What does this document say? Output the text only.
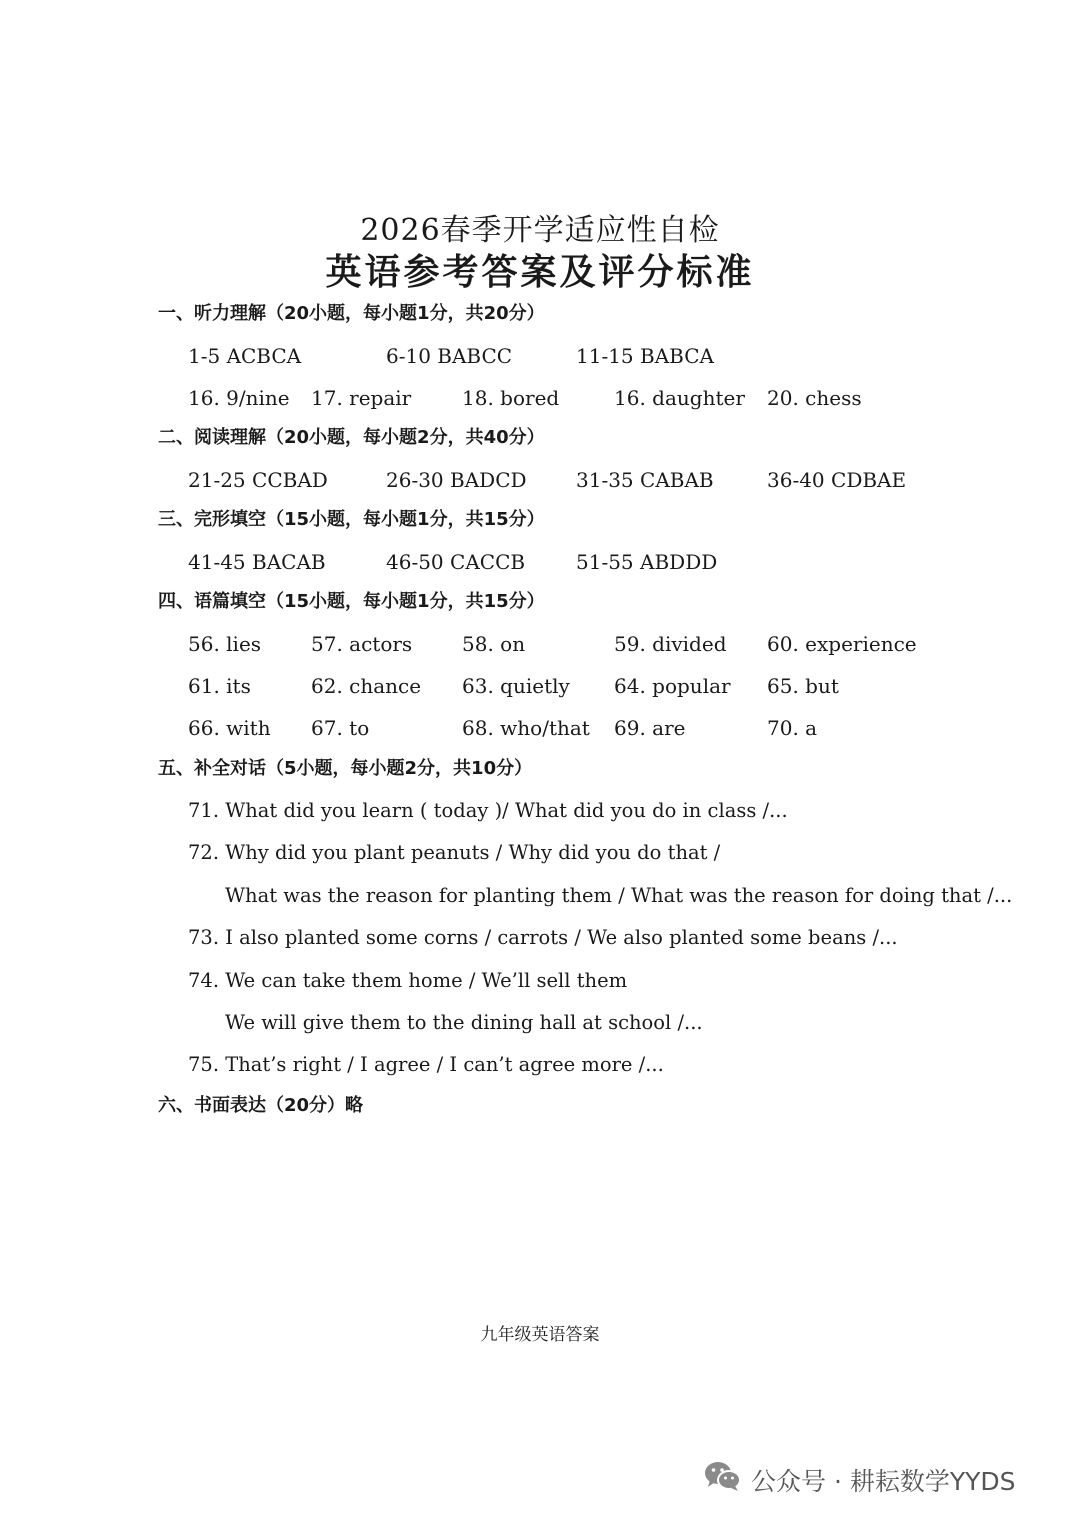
2026春季开学适应性自检
英语参考答案及评分标准
一、听力理解（20小题，每小题1分，共20分）
1-5 ACBCA	6-10 BABCC	11-15 BABCA
16. 9/nine 17. repair	18. bored	16. daughter 20. chess
二、阅读理解（20小题，每小题2分，共40分）
21-25 CCBAD	26-30 BADCD 31-35 CABAB	36-40 CDBAE
三、完形填空（15小题，每小题1分，共15分）
41-45 BACAB	46-50 CACCB	51-55 ABDDD
四、语篇填空（15小题，每小题1分，共15分）
56. lies 57. actors 58. on	59. divided 60. experience
61. its	62. chance 63. quietly 64. popular 65. but
66. with 67. to	68. who/that 69. are	70. a
五、补全对话（5小题，每小题2分，共10分）
71. What did you learn ( today )/ What did you do in class /...
72. Why did you plant peanuts / Why did you do that /
What was the reason for planting them / What was the reason for doing that /...
73. I also planted some corns / carrots / We also planted some beans /...
74. We can take them home / We’ll sell them
We will give them to the dining hall at school /...
75. That’s right / I agree / I can’t agree more /...
六、书面表达（20分）略
九年级英语答案
公众号 · 耕耘数学YYDS
